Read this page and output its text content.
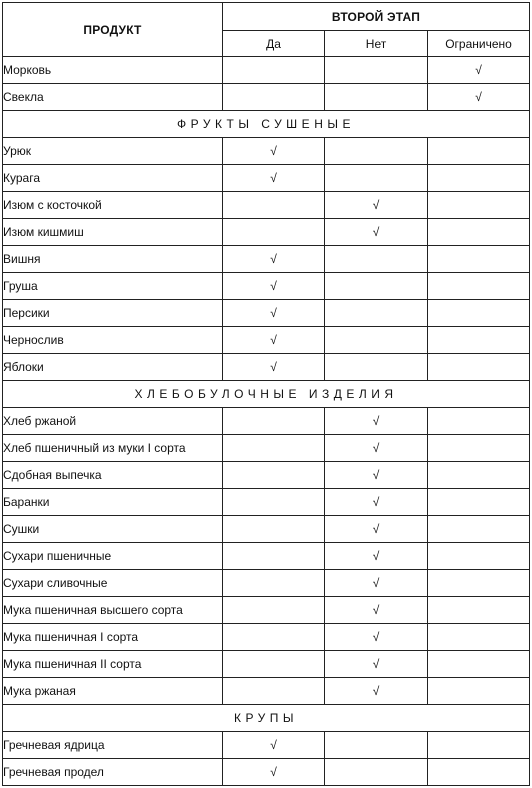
ПРОДУКТ	ВТОРОЙ ЭТАП		
	Да	Нет	Ограничено
Морковь			√
Свекла			√
ФРУКТЫ СУШЕНЫЕ			
Урюк	√		
Курага	√		
Изюм с косточкой		√	
Изюм кишмиш		√	
Вишня	√		
Груша	√		
Персики	√		
Чернослив	√		
Яблоки	√		
ХЛЕБОБУЛОЧНЫЕ ИЗДЕЛИЯ			
Хлеб ржаной		√	
Хлеб пшеничный из муки I сорта		√	
Сдобная выпечка		√	
Баранки		√	
Сушки		√	
Сухари пшеничные		√	
Сухари сливочные		√	
Мука пшеничная высшего сорта		√	
Мука пшеничная I сорта		√	
Мука пшеничная II сорта		√	
Мука ржаная		√	
КРУПЫ			
Гречневая ядрица	√		
Гречневая продел	√		
